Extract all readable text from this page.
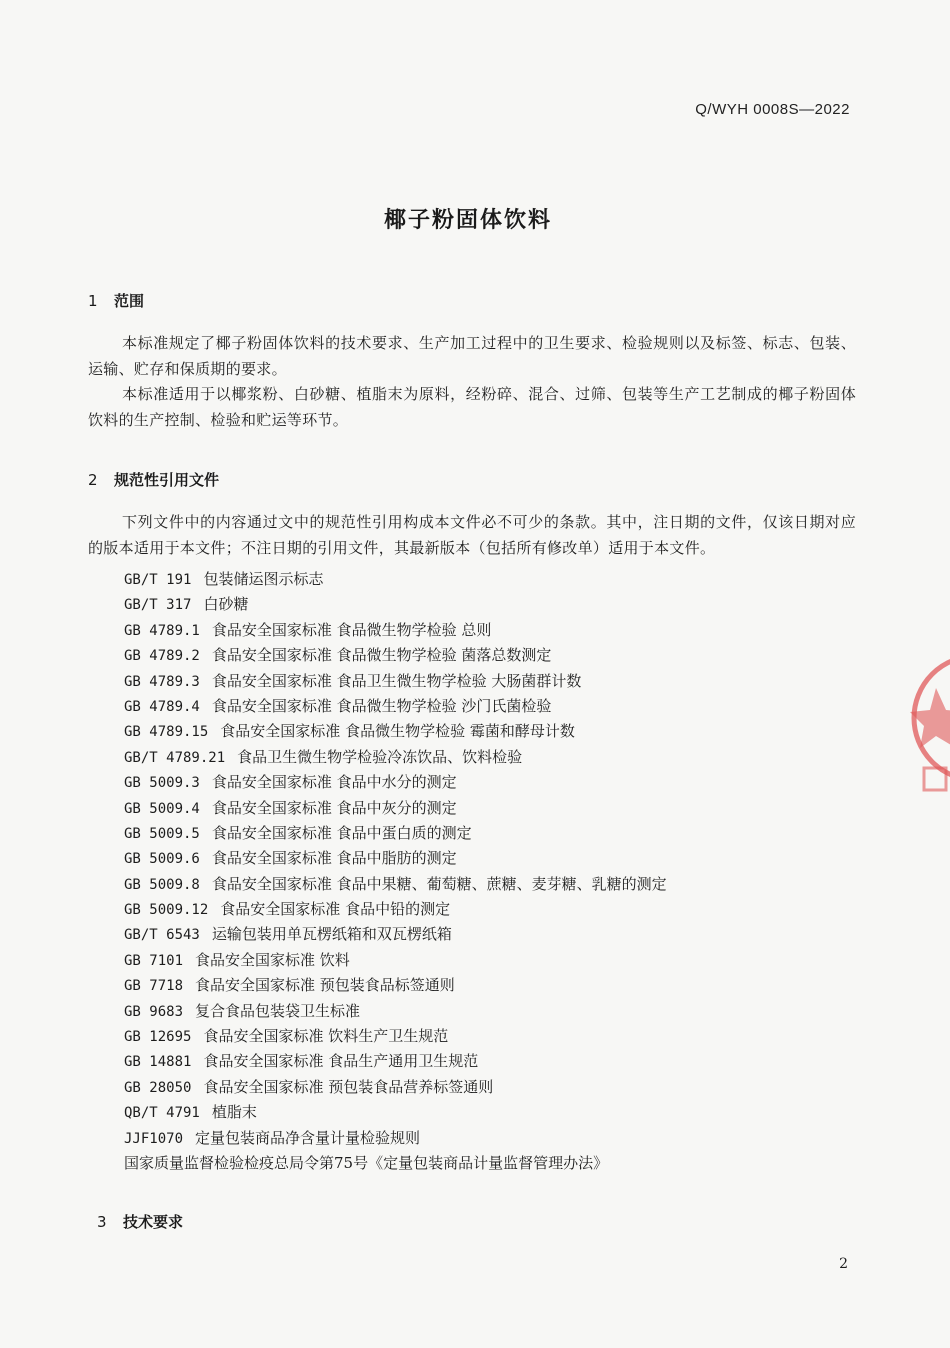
Q/WYH 0008S—2022
椰子粉固体饮料
1 范围

本标准规定了椰子粉固体饮料的技术要求、生产加工过程中的卫生要求、检验规则以及标签、标志、包装、运输、贮存和保质期的要求。

本标准适用于以椰浆粉、白砂糖、植脂末为原料，经粉碎、混合、过筛、包装等生产工艺制成的椰子粉固体饮料的生产控制、检验和贮运等环节。

2 规范性引用文件

下列文件中的内容通过文中的规范性引用构成本文件必不可少的条款。其中，注日期的文件，仅该日期对应的版本适用于本文件；不注日期的引用文件，其最新版本（包括所有修改单）适用于本文件。

GB/T 191 包装储运图示标志
GB/T 317 白砂糖
GB 4789.1 食品安全国家标准 食品微生物学检验 总则
GB 4789.2 食品安全国家标准 食品微生物学检验 菌落总数测定
GB 4789.3 食品安全国家标准 食品卫生微生物学检验 大肠菌群计数
GB 4789.4 食品安全国家标准 食品微生物学检验 沙门氏菌检验
GB 4789.15 食品安全国家标准 食品微生物学检验 霉菌和酵母计数
GB/T 4789.21 食品卫生微生物学检验冷冻饮品、饮料检验
GB 5009.3 食品安全国家标准 食品中水分的测定
GB 5009.4 食品安全国家标准 食品中灰分的测定
GB 5009.5 食品安全国家标准 食品中蛋白质的测定
GB 5009.6 食品安全国家标准 食品中脂肪的测定
GB 5009.8 食品安全国家标准 食品中果糖、葡萄糖、蔗糖、麦芽糖、乳糖的测定
GB 5009.12 食品安全国家标准 食品中铅的测定
GB/T 6543 运输包装用单瓦楞纸箱和双瓦楞纸箱
GB 7101 食品安全国家标准 饮料
GB 7718 食品安全国家标准 预包装食品标签通则
GB 9683 复合食品包装袋卫生标准
GB 12695 食品安全国家标准 饮料生产卫生规范
GB 14881 食品安全国家标准 食品生产通用卫生规范
GB 28050 食品安全国家标准 预包装食品营养标签通则
QB/T 4791 植脂末
JJF1070 定量包装商品净含量计量检验规则
国家质量监督检验检疫总局令第75号《定量包装商品计量监督管理办法》
3 技术要求
2
